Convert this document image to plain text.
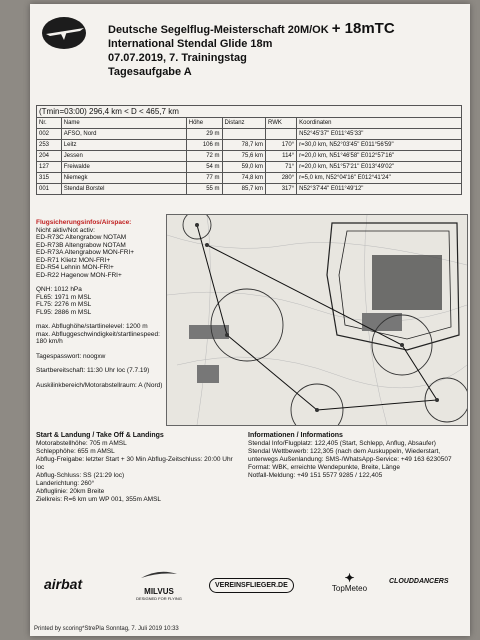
Deutsche Segelflug-Meisterschaft 20M/OK + 18mTC
International Stendal Glide 18m
07.07.2019, 7. Trainingstag
Tagesaufgabe A
(Tmin=03:00) 296,4 km < D < 465,7 km					
Nr.	Name	Höhe	Distanz	RWK	Koordinaten
002	AFSO, Nord	29 m			N52°45'37" E011°45'33"
253	Leitz	106 m	78,7 km	170°	r=30,0 km, N52°03'45" E011°56'59"
204	Jessen	72 m	75,6 km	114°	r=20,0 km, N51°46'58" E012°57'16"
127	Freiwalde	54 m	59,0 km	71°	r=20,0 km, N51°57'21" E013°49'02"
315	Niemegk	77 m	74,8 km	280°	r=5,0 km, N52°04'16" E012°41'24"
001	Stendal Borstel	55 m	85,7 km	317°	N52°37'44" E011°49'12"
Flugsicherungsinfos/Airspace:
Nicht aktiv/Not activ:
ED-R73C Altengrabow NOTAM
ED-R73B Altengrabow NOTAM
ED-R73A Altengrabow MON-FRI+
ED-R71 Klietz MON-FRI+
ED-R54 Lehnin MON-FRI+
ED-R22 Hagenow MON-FRI+
QNH: 1012 hPa
FL65: 1971 m MSL
FL75: 2276 m MSL
FL95: 2886 m MSL
max. Abflughöhe/startlinelevel: 1200 m
max. Abfluggeschwindigkeit/startlinespeed: 180 km/h
Tagespasswort: noogxw
Startbereitschaft: 11:30 Uhr loc (7.7.19)
Auskilinkbereich/Motorabstellraum: A (Nord)
Start & Landung / Take Off & Landings
Motorabstellhöhe: 705 m AMSL
Schlepphöhe: 655 m AMSL
Abflug-Freigabe: letzter Start + 30 Min Abflug-Zeitschluss: 20:00 Uhr loc
Abflug-Schluss: SS (21:29 loc)
Landerichtung: 260°
Abfluglinie: 20km Breite
Zielkreis: R=6 km um WP 001, 355m AMSL
Informationen / Informations
Stendal Info/Flugplatz: 122,405 (Start, Schlepp, Anflug, Absaufer)
Stendal Wettbewerb: 122,305 (nach dem Auskuppeln, Wiederstart, unterwegs Außenlandung: SMS-/WhatsApp-Service: +49 163 6230507
Format: WBK, erreichte Wendepunkte, Breite, Länge
Notfall-Meldung: +49 151 5577 9285 / 122,405
airbat	MILVUS
DESIGNED FOR FLYING
VEREINSFLIEGER.DE
✦
TopMeteo
CLOUDDANCERS
Printed by scoring*StrePla Sonntag, 7. Juli 2019 10:33
